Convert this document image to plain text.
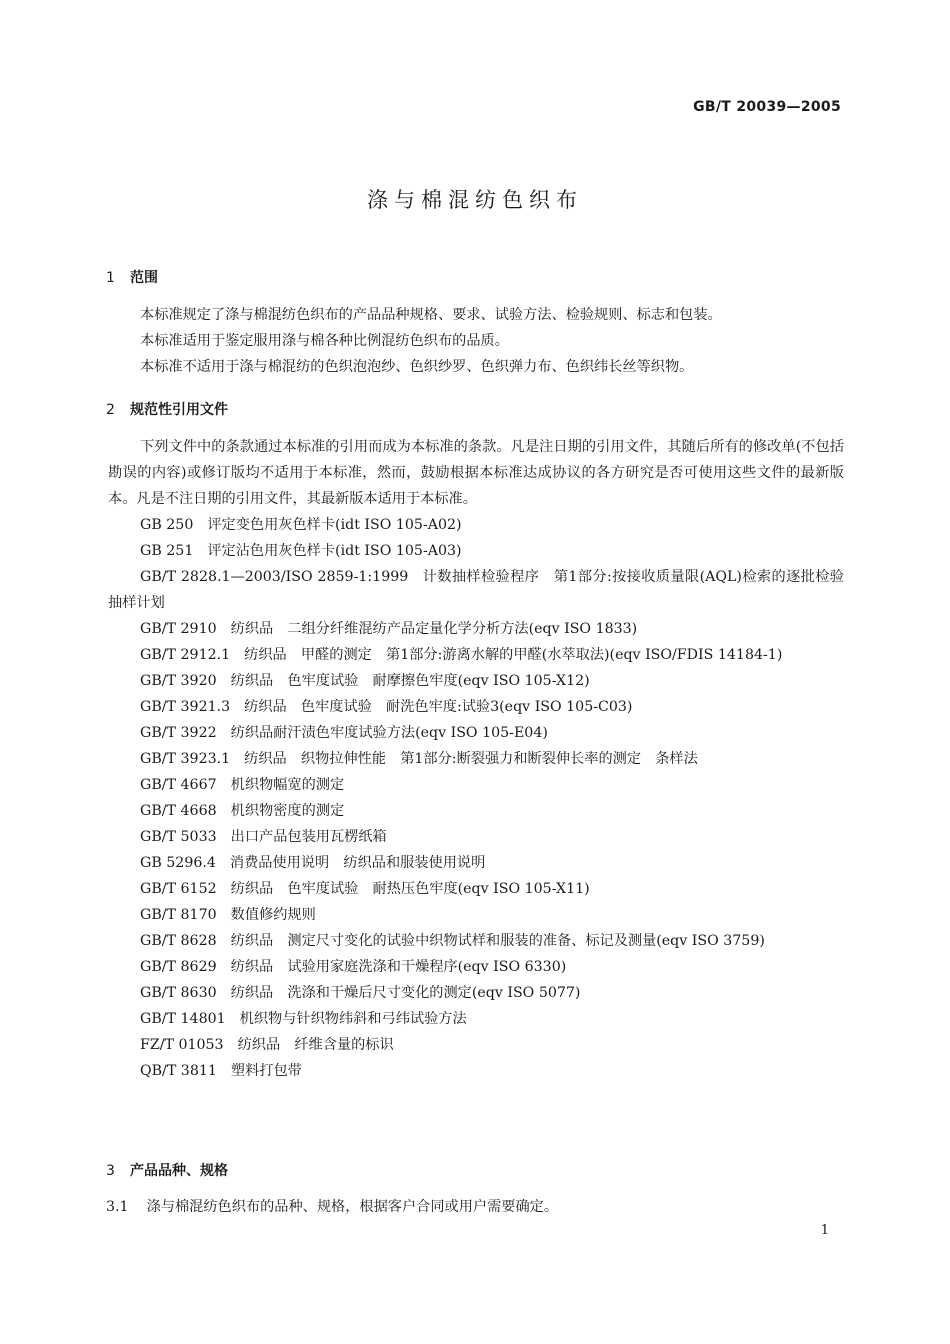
GB/T 20039—2005
涤与棉混纺色织布
1 范围
本标准规定了涤与棉混纺色织布的产品品种规格、要求、试验方法、检验规则、标志和包装。
本标准适用于鉴定服用涤与棉各种比例混纺色织布的品质。
本标准不适用于涤与棉混纺的色织泡泡纱、色织纱罗、色织弹力布、色织纬长丝等织物。
2 规范性引用文件
下列文件中的条款通过本标准的引用而成为本标准的条款。凡是注日期的引用文件，其随后所有的修改单(不包括勘误的内容)或修订版均不适用于本标准，然而，鼓励根据本标准达成协议的各方研究是否可使用这些文件的最新版本。凡是不注日期的引用文件，其最新版本适用于本标准。

GB 250 评定变色用灰色样卡(idt ISO 105-A02)

GB 251 评定沾色用灰色样卡(idt ISO 105-A03)

GB/T 2828.1—2003/ISO 2859-1:1999 计数抽样检验程序　第1部分:按接收质量限(AQL)检索的逐批检验抽样计划

GB/T 2910 纺织品　二组分纤维混纺产品定量化学分析方法(eqv ISO 1833)

GB/T 2912.1 纺织品　甲醛的测定　第1部分:游离水解的甲醛(水萃取法)(eqv ISO/FDIS 14184-1)

GB/T 3920 纺织品　色牢度试验　耐摩擦色牢度(eqv ISO 105-X12)

GB/T 3921.3 纺织品　色牢度试验　耐洗色牢度:试验3(eqv ISO 105-C03)

GB/T 3922 纺织品耐汗渍色牢度试验方法(eqv ISO 105-E04)

GB/T 3923.1 纺织品　织物拉伸性能　第1部分:断裂强力和断裂伸长率的测定　条样法

GB/T 4667 机织物幅宽的测定

GB/T 4668 机织物密度的测定

GB/T 5033 出口产品包装用瓦楞纸箱

GB 5296.4 消费品使用说明　纺织品和服装使用说明

GB/T 6152 纺织品　色牢度试验　耐热压色牢度(eqv ISO 105-X11)

GB/T 8170 数值修约规则

GB/T 8628 纺织品　测定尺寸变化的试验中织物试样和服装的准备、标记及测量(eqv ISO 3759)

GB/T 8629 纺织品　试验用家庭洗涤和干燥程序(eqv ISO 6330)

GB/T 8630 纺织品　洗涤和干燥后尺寸变化的测定(eqv ISO 5077)

GB/T 14801 机织物与针织物纬斜和弓纬试验方法

FZ/T 01053 纺织品　纤维含量的标识

QB/T 3811 塑料打包带

3 产品品种、规格
3.1 涤与棉混纺色织布的品种、规格，根据客户合同或用户需要确定。
1
